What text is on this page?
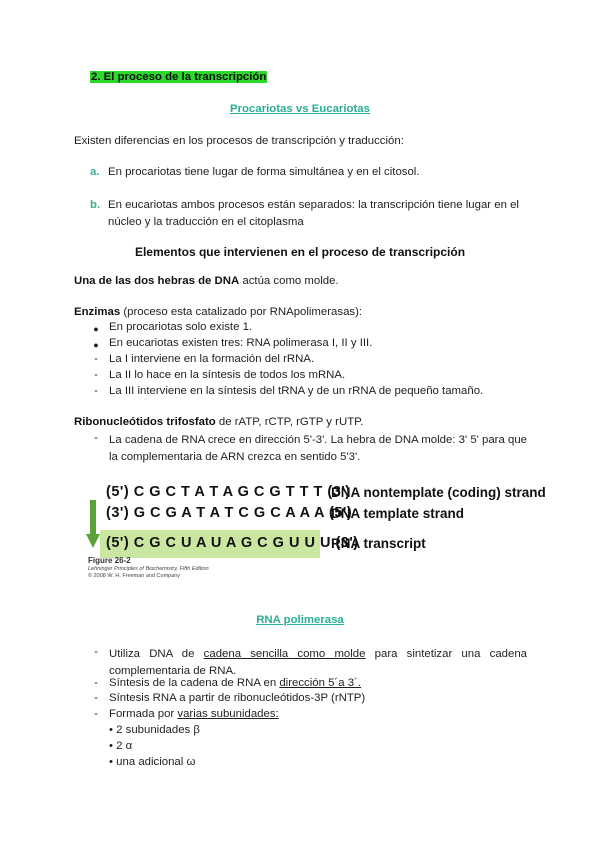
2. El proceso de la transcripción
Procariotas vs Eucariotas
Existen diferencias en los procesos de transcripción y traducción:
a. En procariotas tiene lugar de forma simultánea y en el citosol.
b. En eucariotas ambos procesos están separados: la transcripción tiene lugar en el núcleo y la traducción en el citoplasma
Elementos que intervienen en el proceso de transcripción
Una de las dos hebras de DNA actúa como molde.
Enzimas (proceso esta catalizado por RNApolimerasas):
● En procariotas solo existe 1.
● En eucariotas existen tres: RNA polimerasa I, II y III.
- La I interviene en la formación del rRNA.
- La II lo hace en la síntesis de todos los mRNA.
- La III interviene en la síntesis del tRNA y de un rRNA de pequeño tamaño.
Ribonucleótidos trifosfato de rATP, rCTP, rGTP y rUTP.
- La cadena de RNA crece en dirección 5'-3'. La hebra de DNA molde: 3' 5' para que la complementaria de ARN crezca en sentido 5'3'.
(5') C G C T A T A G C G T T T (3')
DNA nontemplate (coding) strand
(3') G C G A T A T C G C A A A (5')
DNA template strand
(5') C G C U A U A G C G U U U (3')
RNA transcript
Figure 26-2
Lehninger Principles of Biochemistry, Fifth Edition
© 2008 W. H. Freeman and Company
RNA polimerasa
- Utiliza DNA de cadena sencilla como molde para sintetizar una cadena complementaria de RNA.
- Síntesis de la cadena de RNA en dirección 5´a 3´.
- Síntesis RNA a partir de ribonucleótidos-3P (rNTP)
- Formada por varias subunidades:
• 2 subunidades β
• 2 α
• una adicional ω
